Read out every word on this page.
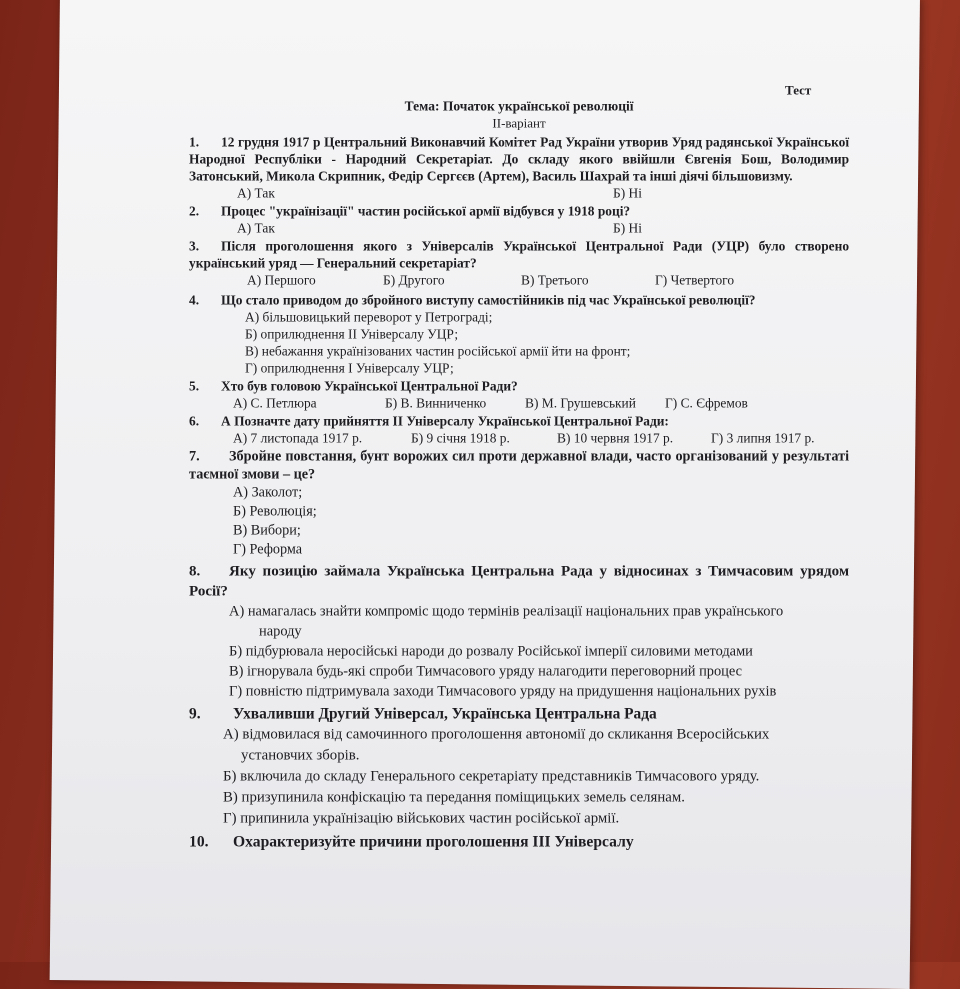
Тест
Тема: Початок української революції
ІІ-варіант
1. 12 грудня 1917 р Центральний Виконавчий Комітет Рад України утворив Уряд радянської Української Народної Республіки - Народний Секретаріат. До складу якого ввійшли Євгенія Бош, Володимир Затонський, Микола Скрипник, Федір Сергєєв (Артем), Василь Шахрай та інші діячі більшовизму.
А) Так	Б) Ні
2. Процес "українізації" частин російської армії відбувся у 1918 році?
А) Так	Б) Ні
3. Після проголошення якого з Універсалів Української Центральної Ради (УЦР) було створено український уряд — Генеральний секретаріат?
А) Першого	Б) Другого	В) Третього	Г) Четвертого
4. Що стало приводом до збройного виступу самостійників під час Української революції?
А) більшовицький переворот у Петрограді;
Б) оприлюднення ІІ Універсалу УЦР;
В) небажання українізованих частин російської армії йти на фронт;
Г) оприлюднення І Універсалу УЦР;
5. Хто був головою Української Центральної Ради?
А) С. Петлюра	Б) В. Винниченко	В) М. Грушевський	Г) С. Єфремов
6. А Позначте дату прийняття ІІ Універсалу Української Центральної Ради:
А) 7 листопада 1917 р.	Б) 9 січня 1918 р.	В) 10 червня 1917 р.	Г) 3 липня 1917 р.
7. Збройне повстання, бунт ворожих сил проти державної влади, часто організований у результаті таємної змови – це?
А) Заколот;
Б) Революція;
В) Вибори;
Г) Реформа
8. Яку позицію займала Українська Центральна Рада у відносинах з Тимчасовим урядом Росії?
А) намагалась знайти компроміс щодо термінів реалізації національних прав українського
народу
Б) підбурювала неросійські народи до розвалу Російської імперії силовими методами
В) ігнорувала будь-які спроби Тимчасового уряду налагодити переговорний процес
Г) повністю підтримувала заходи Тимчасового уряду на придушення національних рухів
9. Ухваливши Другий Універсал, Українська Центральна Рада
А) відмовилася від самочинного проголошення автономії до скликання Всеросійських
установчих зборів.
Б) включила до складу Генерального секретаріату представників Тимчасового уряду.
В) призупинила конфіскацію та передання поміщицьких земель селянам.
Г) припинила українізацію військових частин російської армії.
10. Охарактеризуйте причини проголошення ІІІ Універсалу
